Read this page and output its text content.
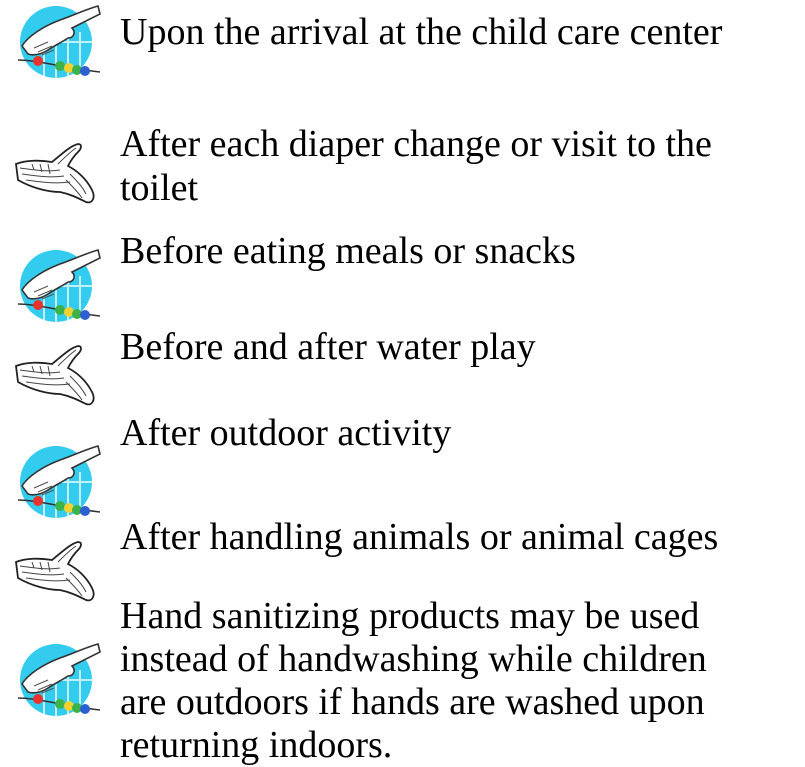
Upon the arrival at the child care center
After each diaper change or visit to the
toilet
Before eating meals or snacks
Before and after water play
After outdoor activity
After handling animals or animal cages
Hand sanitizing products may be used
instead of handwashing while children
are outdoors if hands are washed upon
returning indoors.
